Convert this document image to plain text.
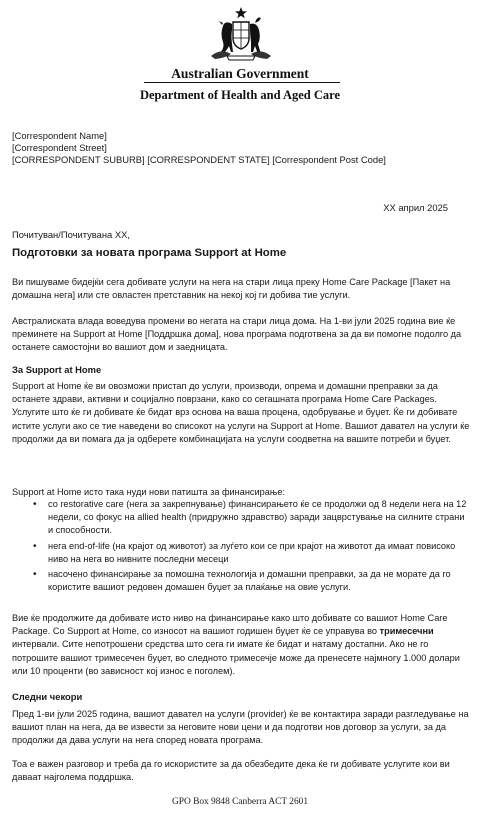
Australian Government
Department of Health and Aged Care
[Correspondent Name]
[Correspondent Street]
[CORRESPONDENT SUBURB] [CORRESPONDENT STATE] [Correspondent Post Code]
XX април 2025
Почитуван/Почитувана XX,
Подготовки за новата програма Support at Home

Ви пишуваме бидејќи сега добивате услуги на нега на стари лица преку Home Care Package [Пакет на домашна нега] или сте овластен претставник на некој кој ги добива тие услуги.

Австралиската влада воведува промени во негата на стари лица дома. На 1-ви јули 2025 година вие ќе преминете на Support at Home [Поддршка дома], нова програма подготвена за да ви помогне подолго да останете самостојни во вашиот дом и заедницата.

За Support at Home

Support at Home ќе ви овозможи пристап до услуги, производи, опрема и домашни преправки за да останете здрави, активни и социјално поврзани, како со сегашната програма Home Care Packages. Услугите што ќе ги добивате ќе бидат врз основа на ваша процена, одобрување и буџет. Ќе ги добивате истите услуги ако се тие наведени во списокот на услуги на Support at Home. Вашиот давател на услуги ќе продолжи да ви помага да ја одберете комбинацијата на услуги соодветна на вашите потреби и буџет.

Support at Home исто така нуди нови патишта за финансирање:

• со restorative care (нега за закрепнување) финансирањето ќе се продолжи од 8 недели нега на 12 недели, со фокус на allied health (придружно здравство) заради зацврстување на силните страни и способности.
• нега end-of-life (на крајот од животот) за луѓето кои се при крајот на животот да имаат повисоко ниво на нега во нивните последни месеци
• насочено финансирање за помошна технологија и домашни преправки, за да не морате да го користите вашиот редовен домашен буџет за плаќање на овие услуги.

Вие ќе продолжите да добивате исто ниво на финансирање како што добивате со вашиот Home Care Package. Со Support at Home, со износот на вашиот годишен буџет ќе се управува во тримесечни интервали. Сите непотрошени средства што сега ги имате ќе бидат и натаму достапни. Ако не го потрошите вашиот тримесечен буџет, во следното тримесечје може да пренесете најмногу 1.000 долари или 10 проценти (во зависност кој износ е поголем).

Следни чекори

Пред 1-ви јули 2025 година, вашиот давател на услуги (provider) ќе ве контактира заради разгледување на вашиот план на нега, да ве извести за неговите нови цени и да подготви нов договор за услуги, за да продолжи да дава услуги на нега според новата програма.

Тоа е важен разговор и треба да го искористите за да обезбедите дека ќе ги добивате услугите кои ви даваат најголема поддршка.

GPO Box 9848 Canberra ACT 2601
